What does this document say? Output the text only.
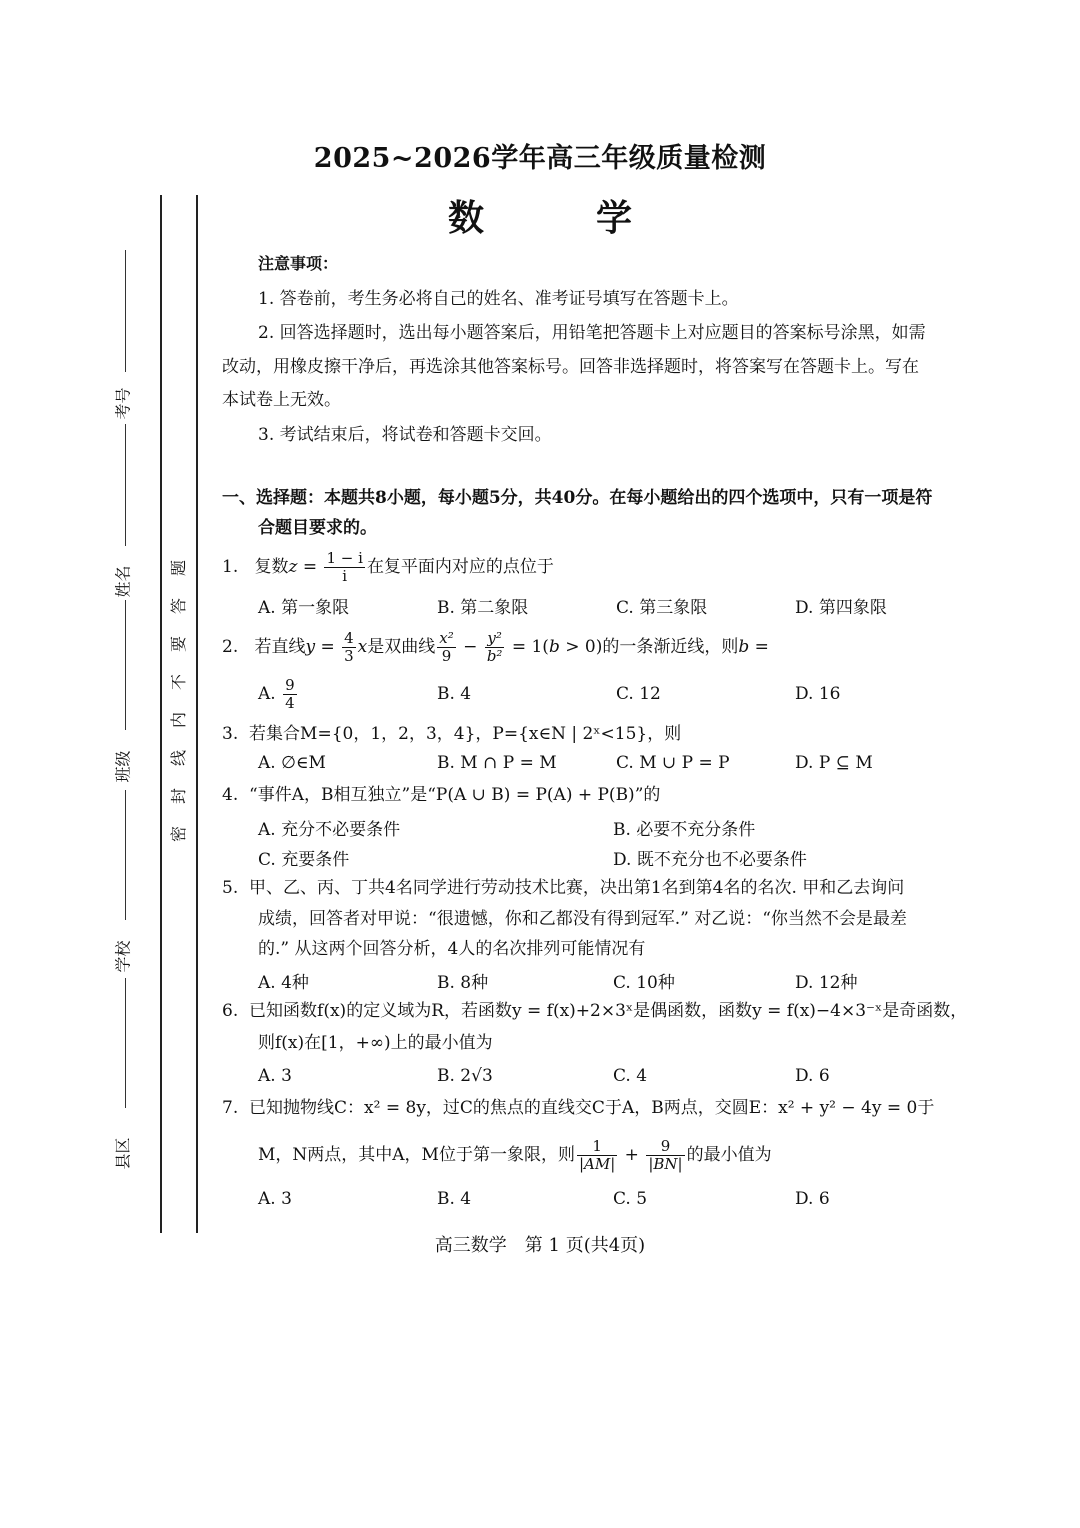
2025~2026学年高三年级质量检测
数　学
考号
姓名
班级
学校
县区
题
答
要
不
内
线
封
密
注意事项：
1. 答卷前，考生务必将自己的姓名、准考证号填写在答题卡上。
2. 回答选择题时，选出每小题答案后，用铅笔把答题卡上对应题目的答案标号涂黑，如需
改动，用橡皮擦干净后，再选涂其他答案标号。回答非选择题时，将答案写在答题卡上。写在
本试卷上无效。
3. 考试结束后，将试卷和答题卡交回。
一、选择题：本题共8小题，每小题5分，共40分。在每小题给出的四个选项中，只有一项是符
合题目要求的。
1. 复数$z = \frac{1 - i}{i}$ 在复平面内对应的点位于
A. 第一象限	B. 第二象限	C. 第三象限	D. 第四象限
2. 若直线$y = \frac{4}{3}$ x是双曲线 $\frac{\text{x²}}{9} - \frac{\text{y²}}{\text{b²}} = 1(b > 0)$的一条渐近线，则b =
A. $\frac{9}{4}$	B. 4	C. 12	D. 16
3. 若集合M={0，1，2，3，4}，P={x∈N | 2ˣ<15}，则
A. ∅∈M	B. M ∩ P = M	C. M ∪ P = P	D. P ⊆ M
4. “事件A，B相互独立”是“P(A ∪ B) = P(A) + P(B)”的
A. 充分不必要条件	B. 必要不充分条件
C. 充要条件	D. 既不充分也不必要条件
5. 甲、乙、丙、丁共4名同学进行劳动技术比赛，决出第1名到第4名的名次. 甲和乙去询问
成绩，回答者对甲说：“很遗憾，你和乙都没有得到冠军.” 对乙说：“你当然不会是最差
的.” 从这两个回答分析，4人的名次排列可能情况有
A. 4种	B. 8种	C. 10种	D. 12种
6. 已知函数f(x)的定义域为R，若函数y = f(x)+2×3ˣ是偶函数，函数y = f(x)−4×3⁻ˣ是奇函数，
则f(x)在[1，+∞)上的最小值为
A. 3	B. 2√3	C. 4	D. 6
7. 已知抛物线C：x² = 8y，过C的焦点的直线交C于A，B两点，交圆E：x² + y² − 4y = 0于
M，N两点，其中A，M位于第一象限，则 $\frac{1}{|AM|} + \frac{9}{|BN|}$ 的最小值为
A. 3	B. 4	C. 5	D. 6
高三数学　第 1 页(共4页)
